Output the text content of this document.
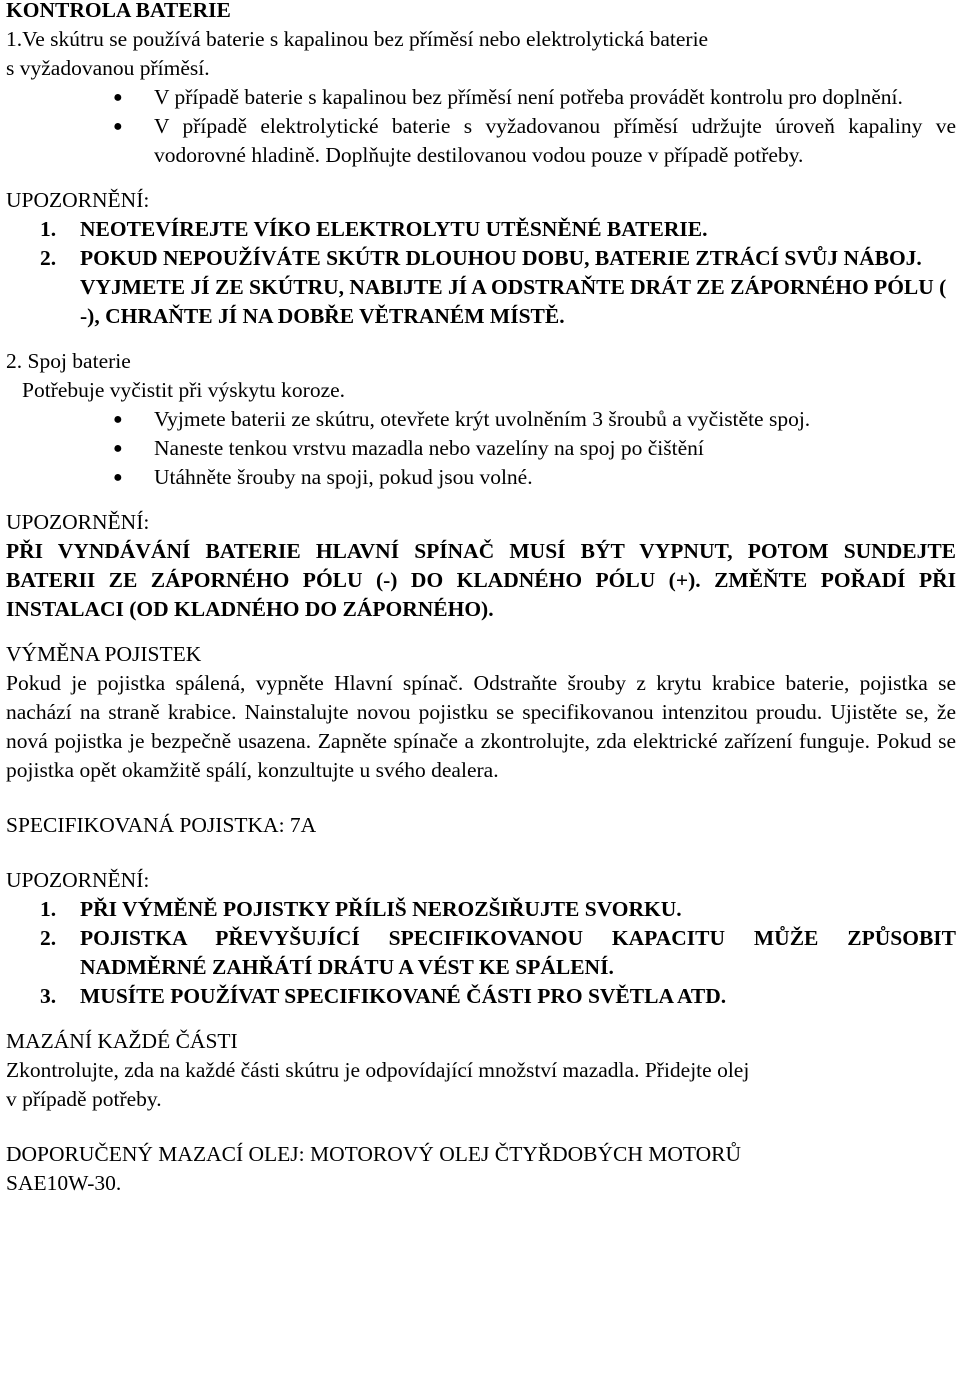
KONTROLA BATERIE

1.Ve skútru se používá baterie s kapalinou bez příměsí nebo elektrolytická baterie

s vyžadovanou příměsí.

● V případě baterie s kapalinou bez příměsí není potřeba provádět kontrolu pro doplnění.
● V případě elektrolytické baterie s vyžadovanou příměsí udržujte úroveň kapaliny ve vodorovné hladině. Doplňujte destilovanou vodou pouze v případě potřeby.

UPOZORNĚNÍ:

1. NEOTEVÍREJTE VÍKO ELEKTROLYTU UTĚSNĚNÉ BATERIE.
2. POKUD NEPOUŽÍVÁTE SKÚTR DLOUHOU DOBU, BATERIE ZTRÁCÍ SVŮJ NÁBOJ. VYJMETE JÍ ZE SKÚTRU, NABIJTE JÍ A ODSTRAŇTE DRÁT ZE ZÁPORNÉHO PÓLU ( -), CHRAŇTE JÍ NA DOBŘE VĚTRANÉM MÍSTĚ.

2. Spoj baterie

Potřebuje vyčistit při výskytu koroze.

● Vyjmete baterii ze skútru, otevřete krýt uvolněním 3 šroubů a vyčistěte spoj.
● Naneste tenkou vrstvu mazadla nebo vazelíny na spoj po čištění
● Utáhněte šrouby na spoji, pokud jsou volné.

UPOZORNĚNÍ:

PŘI VYNDÁVÁNÍ BATERIE HLAVNÍ SPÍNAČ MUSÍ BÝT VYPNUT, POTOM SUNDEJTE BATERII ZE ZÁPORNÉHO PÓLU (-) DO KLADNÉHO PÓLU (+). ZMĚŇTE POŘADÍ PŘI INSTALACI (OD KLADNÉHO DO ZÁPORNÉHO).

VÝMĚNA POJISTEK

Pokud je pojistka spálená, vypněte Hlavní spínač. Odstraňte šrouby z krytu krabice baterie, pojistka se nachází na straně krabice. Nainstalujte novou pojistku se specifikovanou intenzitou proudu. Ujistěte se, že nová pojistka je bezpečně usazena. Zapněte spínače a zkontrolujte, zda elektrické zařízení funguje. Pokud se pojistka opět okamžitě spálí, konzultujte u svého dealera.

SPECIFIKOVANÁ POJISTKA: 7A

UPOZORNĚNÍ:

1. PŘI VÝMĚNĚ POJISTKY PŘÍLIŠ NEROZŠIŘUJTE SVORKU.
2. POJISTKA PŘEVYŠUJÍCÍ SPECIFIKOVANOU KAPACITU MŮŽE ZPŮSOBIT NADMĚRNÉ ZAHŘÁTÍ DRÁTU A VÉST KE SPÁLENÍ.
3. MUSÍTE POUŽÍVAT SPECIFIKOVANÉ ČÁSTI PRO SVĚTLA ATD.

MAZÁNÍ KAŽDÉ ČÁSTI

Zkontrolujte, zda na každé části skútru je odpovídající množství mazadla. Přidejte olej

v případě potřeby.

DOPORUČENÝ MAZACÍ OLEJ: MOTOROVÝ OLEJ ČTYŘDOBÝCH MOTORŮ

SAE10W-30.
